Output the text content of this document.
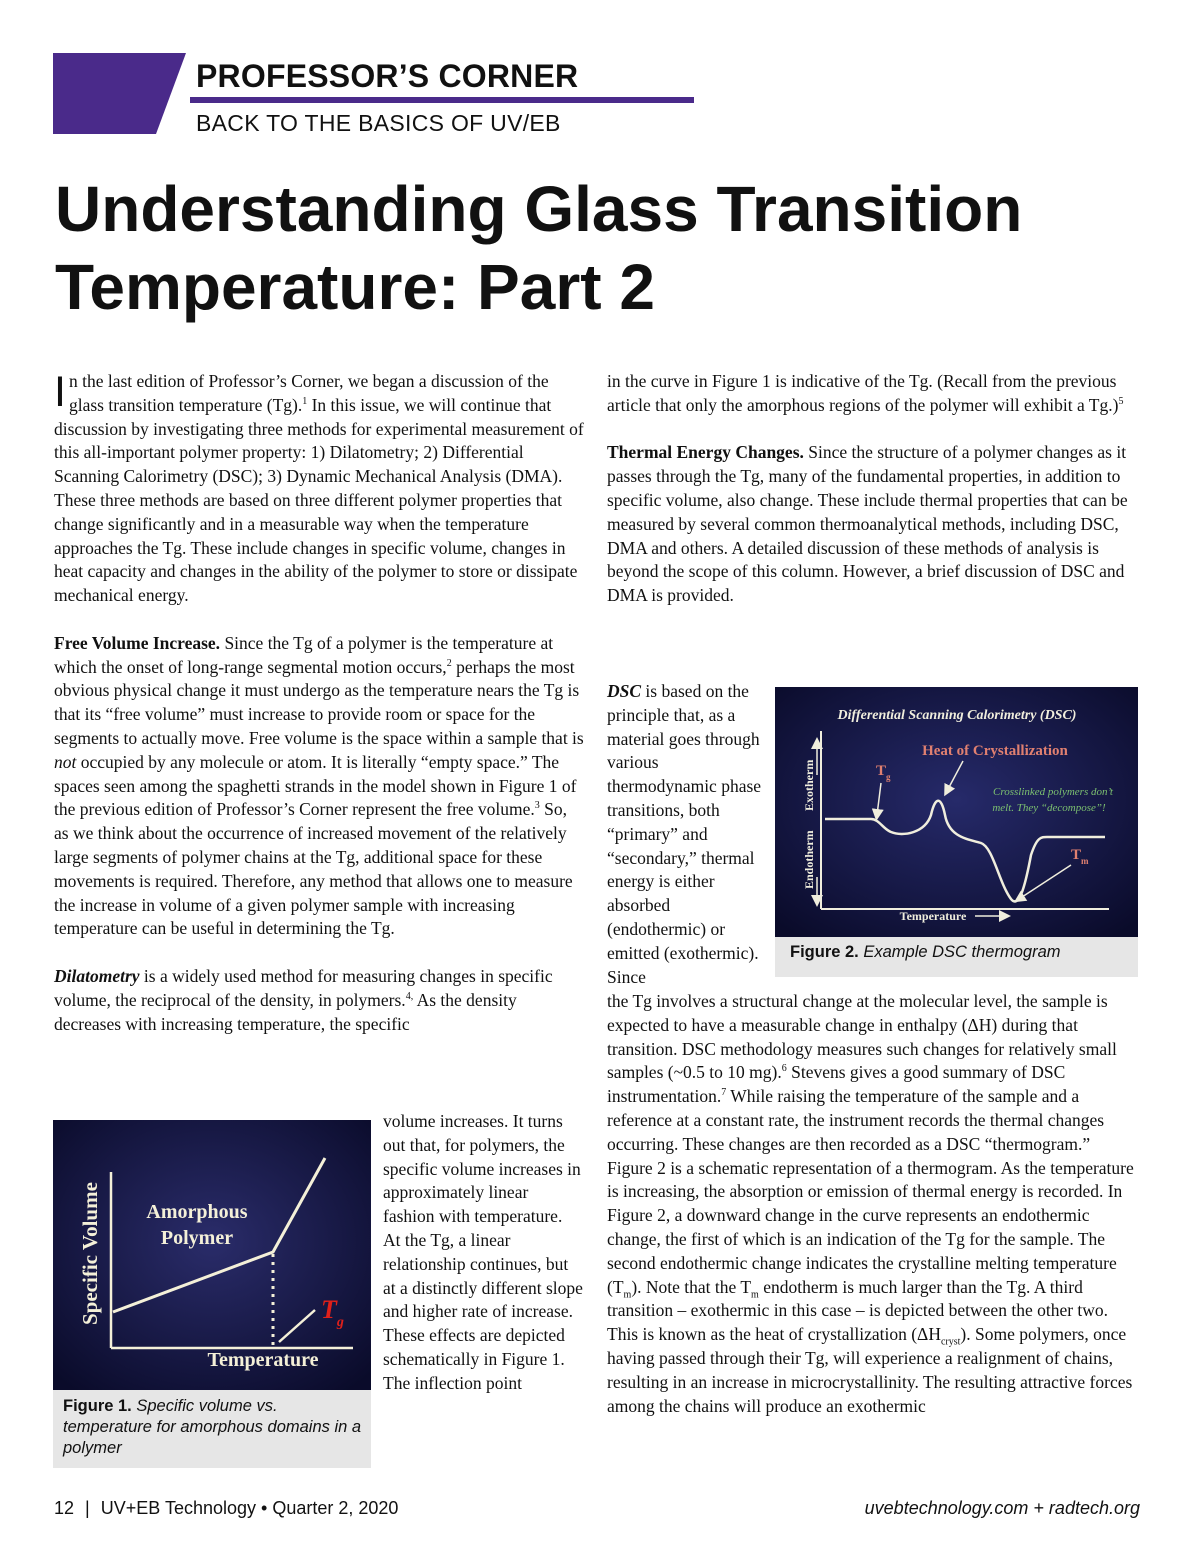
PROFESSOR’S CORNER
BACK TO THE BASICS OF UV/EB
Understanding Glass Transition
Temperature: Part 2

In the last edition of Professor’s Corner, we began a discussion of the glass transition temperature (Tg).$^1$ In this issue, we will continue that discussion by investigating three methods for experimental measurement of this all-important polymer property: 1) Dilatometry; 2) Differential Scanning Calorimetry (DSC); 3) Dynamic Mechanical Analysis (DMA). These three methods are based on three different polymer properties that change significantly and in a measurable way when the temperature approaches the Tg. These include changes in specific volume, changes in heat capacity and changes in the ability of the polymer to store or dissipate mechanical energy.

Free Volume Increase. Since the Tg of a polymer is the temperature at which the onset of long-range segmental motion occurs,$^2$ perhaps the most obvious physical change it must undergo as the temperature nears the Tg is that its “free volume” must increase to provide room or space for the segments to actually move. Free volume is the space within a sample that is not occupied by any molecule or atom. It is literally “empty space.” The spaces seen among the spaghetti strands in the model shown in Figure 1 of the previous edition of Professor’s Corner represent the free volume.$^3$ So, as we think about the occurrence of increased movement of the relatively large segments of polymer chains at the Tg, additional space for these movements is required. Therefore, any method that allows one to measure the increase in volume of a given polymer sample with increasing temperature can be useful in determining the Tg.

Dilatometry is a widely used method for measuring changes in specific volume, the reciprocal of the density, in polymers.$^{4,}$ As the density decreases with increasing temperature, the specific

volume increases. It turns out that, for polymers, the specific volume increases in approximately linear fashion with temperature. At the Tg, a linear relationship continues, but at a distinctly different slope and higher rate of increase. These effects are depicted schematically in Figure 1. The inflection point
Specific Volume Amorphous
Polymer
$T_g$
Temperature
Figure 1. Specific volume vs. temperature for amorphous domains in a polymer

in the curve in Figure 1 is indicative of the Tg. (Recall from the previous article that only the amorphous regions of the polymer will exhibit a Tg.)$^5$

Thermal Energy Changes. Since the structure of a polymer changes as it passes through the Tg, many of the fundamental properties, in addition to specific volume, also change. These include thermal properties that can be measured by several common thermoanalytical methods, including DSC, DMA and others. A detailed discussion of these methods of analysis is beyond the scope of this column. However, a brief discussion of DSC and DMA is provided.

DSC is based on the principle that, as a material goes through various thermodynamic phase transitions, both “primary” and “secondary,” thermal energy is either absorbed (endothermic) or emitted (exothermic). Since

the Tg involves a structural change at the molecular level, the sample is expected to have a measurable change in enthalpy (ΔH) during that transition. DSC methodology measures such changes for relatively small samples (~0.5 to 10 mg).$^6$ Stevens gives a good summary of DSC instrumentation.$^7$ While raising the temperature of the sample and a reference at a constant rate, the instrument records the thermal changes occurring. These changes are then recorded as a DSC “thermogram.” Figure 2 is a schematic representation of a thermogram. As the temperature is increasing, the absorption or emission of thermal energy is recorded. In Figure 2, a downward change in the curve represents an endothermic change, the first of which is an indication of the Tg for the sample. The second endothermic change indicates the crystalline melting temperature $(T_m)$. Note that the $T_m$ endotherm is much larger than the Tg. A third transition – exothermic in this case – is depicted between the other two. This is known as the heat of crystallization $(\Delta H_{cryst})$. Some polymers, once having passed through their Tg, will experience a realignment of chains, resulting in an increase in microcrystallinity. The resulting attractive forces among the chains will produce an exothermic

Differential Scanning Calorimetry (DSC)
Exotherm
Endotherm
$T_g$
Heat of Crystallization
Crosslinked polymers don’t
melt. They “decompose”!
$T_m$
Temperature
Figure 2. Example DSC thermogram
12 | UV+EB Technology • Quarter 2, 2020	uvebtechnology.com + radtech.org
